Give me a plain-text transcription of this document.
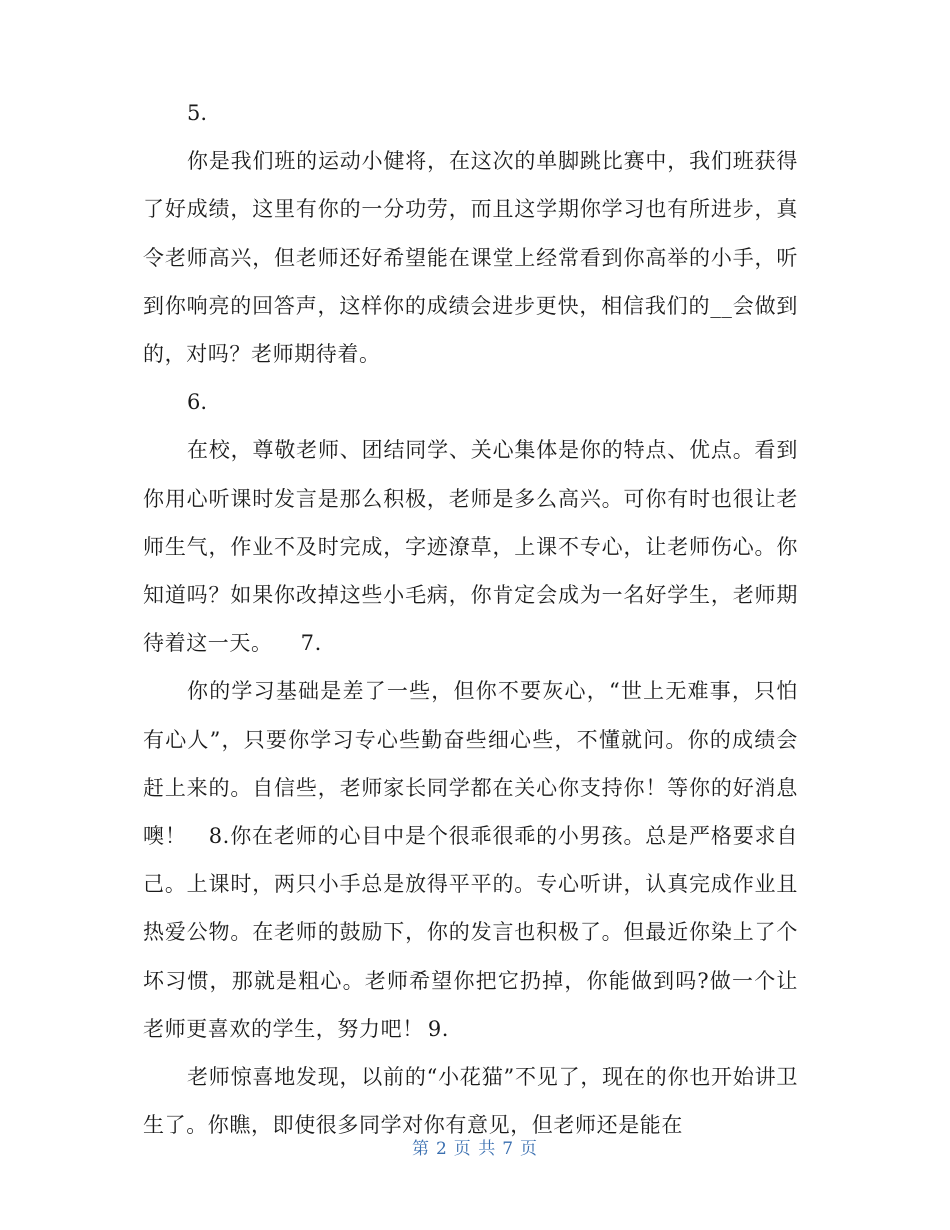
5.

你是我们班的运动小健将，在这次的单脚跳比赛中，我们班获得了好成绩，这里有你的一分功劳，而且这学期你学习也有所进步，真令老师高兴，但老师还好希望能在课堂上经常看到你高举的小手，听到你响亮的回答声，这样你的成绩会进步更快，相信我们的__会做到的，对吗？老师期待着。

6.

在校，尊敬老师、团结同学、关心集体是你的特点、优点。看到你用心听课时发言是那么积极，老师是多么高兴。可你有时也很让老师生气，作业不及时完成，字迹潦草，上课不专心，让老师伤心。你知道吗？如果你改掉这些小毛病，你肯定会成为一名好学生，老师期待着这一天。 7.

你的学习基础是差了一些，但你不要灰心，“世上无难事，只怕有心人”，只要你学习专心些勤奋些细心些，不懂就问。你的成绩会赶上来的。自信些，老师家长同学都在关心你支持你！等你的好消息噢！ 8.你在老师的心目中是个很乖很乖的小男孩。总是严格要求自己。上课时，两只小手总是放得平平的。专心听讲，认真完成作业且热爱公物。在老师的鼓励下，你的发言也积极了。但最近你染上了个坏习惯，那就是粗心。老师希望你把它扔掉，你能做到吗?做一个让老师更喜欢的学生，努力吧！ 9.

老师惊喜地发现，以前的“小花猫”不见了，现在的你也开始讲卫生了。你瞧，即使很多同学对你有意见，但老师还是能在

第 2 页 共 7 页
